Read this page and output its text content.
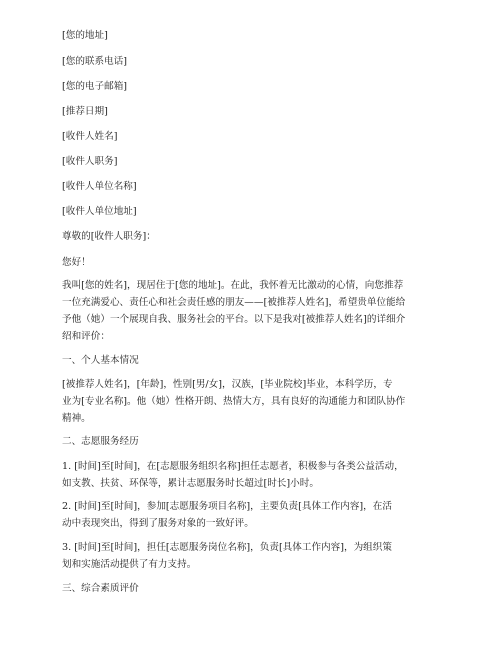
[您的地址]
[您的联系电话]
[您的电子邮箱]
[推荐日期]
[收件人姓名]
[收件人职务]
[收件人单位名称]
[收件人单位地址]
尊敬的[收件人职务]：
您好！
我叫[您的姓名]，现居住于[您的地址]。在此，我怀着无比激动的心情，向您推荐
一位充满爱心、责任心和社会责任感的朋友——[被推荐人姓名]，希望贵单位能给
予他（她）一个展现自我、服务社会的平台。以下是我对[被推荐人姓名]的详细介
绍和评价：
一、个人基本情况
[被推荐人姓名]，[年龄]，性别[男/女]，汉族，[毕业院校]毕业，本科学历，专
业为[专业名称]。他（她）性格开朗、热情大方，具有良好的沟通能力和团队协作
精神。
二、志愿服务经历
1. [时间]至[时间]，在[志愿服务组织名称]担任志愿者，积极参与各类公益活动，
如支教、扶贫、环保等，累计志愿服务时长超过[时长]小时。
2. [时间]至[时间]，参加[志愿服务项目名称]，主要负责[具体工作内容]，在活
动中表现突出，得到了服务对象的一致好评。
3. [时间]至[时间]，担任[志愿服务岗位名称]，负责[具体工作内容]，为组织策
划和实施活动提供了有力支持。
三、综合素质评价
